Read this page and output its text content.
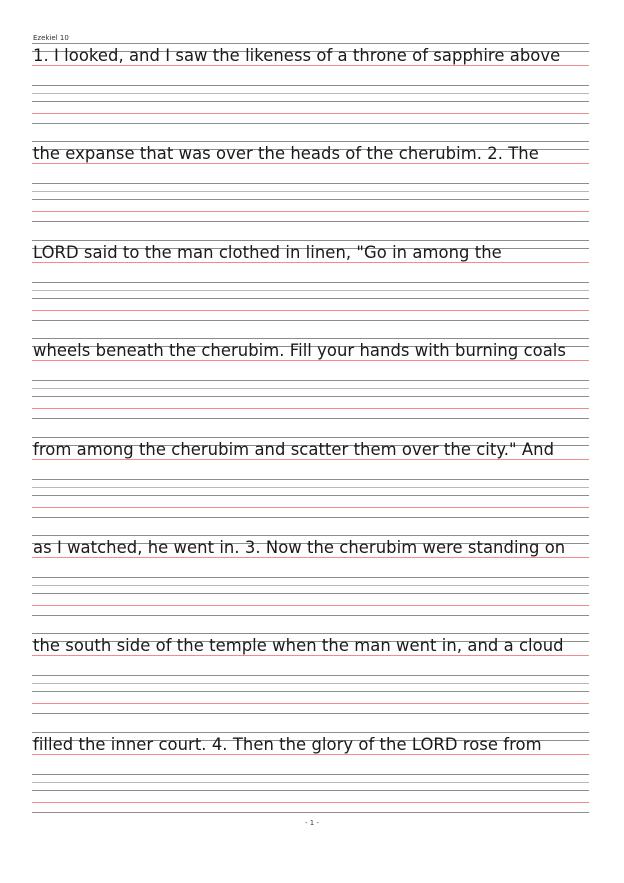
Ezekiel 10
1. I looked, and I saw the likeness of a throne of sapphire above
the expanse that was over the heads of the cherubim. 2. The
LORD said to the man clothed in linen, "Go in among the
wheels beneath the cherubim. Fill your hands with burning coals
from among the cherubim and scatter them over the city." And
as I watched, he went in. 3. Now the cherubim were standing on
the south side of the temple when the man went in, and a cloud
filled the inner court. 4. Then the glory of the LORD rose from
- 1 -
